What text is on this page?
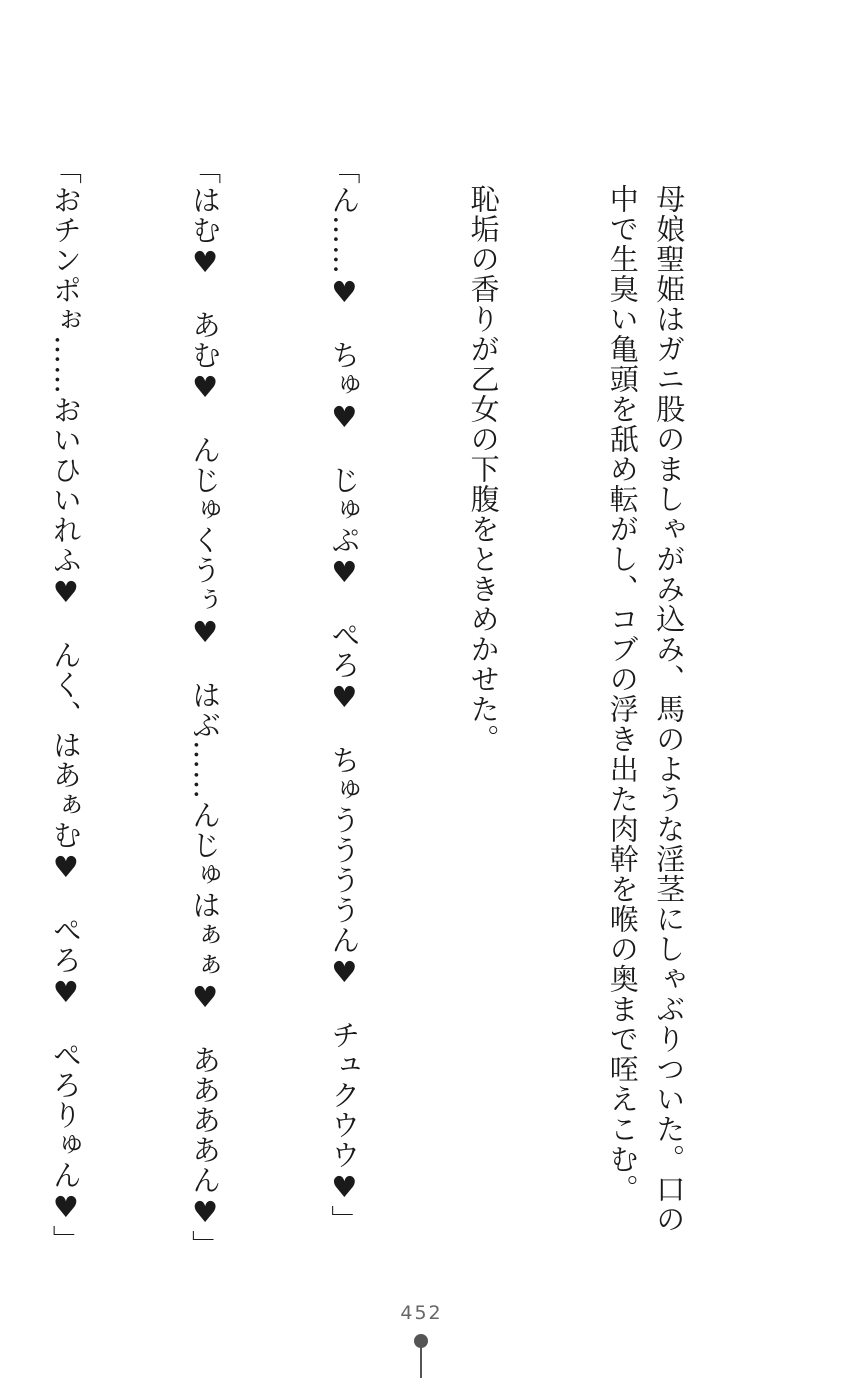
母娘聖姫はガニ股のましゃがみ込み、馬のような淫茎にしゃぶりついた。口の中で生臭い亀頭を舐め転がし、コブの浮き出た肉幹を喉の奥まで咥えこむ。

恥垢の香りが乙女の下腹をときめかせた。

「ん……♥　ちゅ♥　じゅぷ♥　ぺろ♥　ちゅううううん♥　チュクウウ♥」

「はむ♥　あむ♥　んじゅくうぅ♥　はぶ……んじゅはぁぁ♥　ああああん♥」

「おチンポぉ……おいひいれふ♥　んく、はあぁむ♥　ぺろ♥　ぺろりゅん♥」

452
